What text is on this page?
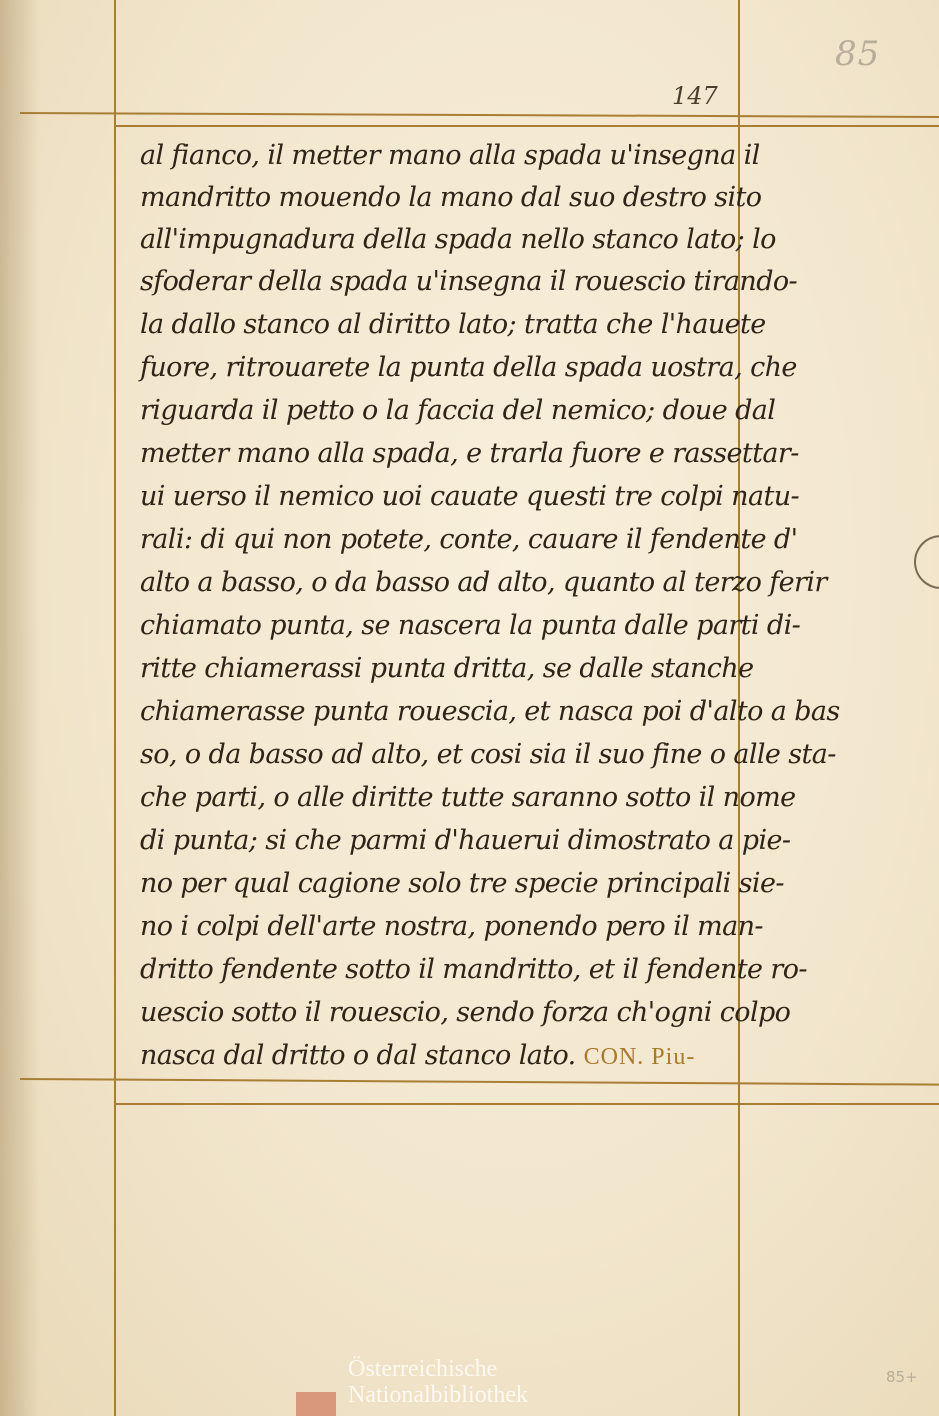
85
147
al fianco, il metter mano alla spada u'insegna il
mandritto mouendo la mano dal suo destro sito
all'impugnadura della spada nello stanco lato; lo
sfoderar della spada u'insegna il rouescio tirando-
la dallo stanco al diritto lato; tratta che l'hauete
fuore, ritrouarete la punta della spada uostra, che
riguarda il petto o la faccia del nemico; doue dal
metter mano alla spada, e trarla fuore e rassettar-
ui uerso il nemico uoi cauate questi tre colpi natu-
rali: di qui non potete, conte, cauare il fendente d'
alto a basso, o da basso ad alto, quanto al terzo ferir
chiamato punta, se nascera la punta dalle parti di-
ritte chiamerassi punta dritta, se dalle stanche
chiamerasse punta rouescia, et nasca poi d'alto a bas
so, o da basso ad alto, et cosi sia il suo fine o alle sta-
che parti, o alle diritte tutte saranno sotto il nome
di punta; si che parmi d'hauerui dimostrato a pie-
no per qual cagione solo tre specie principali sie-
no i colpi dell'arte nostra, ponendo pero il man-
dritto fendente sotto il mandritto, et il fendente ro-
uescio sotto il rouescio, sendo forza ch'ogni colpo
nasca dal dritto o dal stanco lato. CON. Piu-
85+
Österreichische
Nationalbibliothek
